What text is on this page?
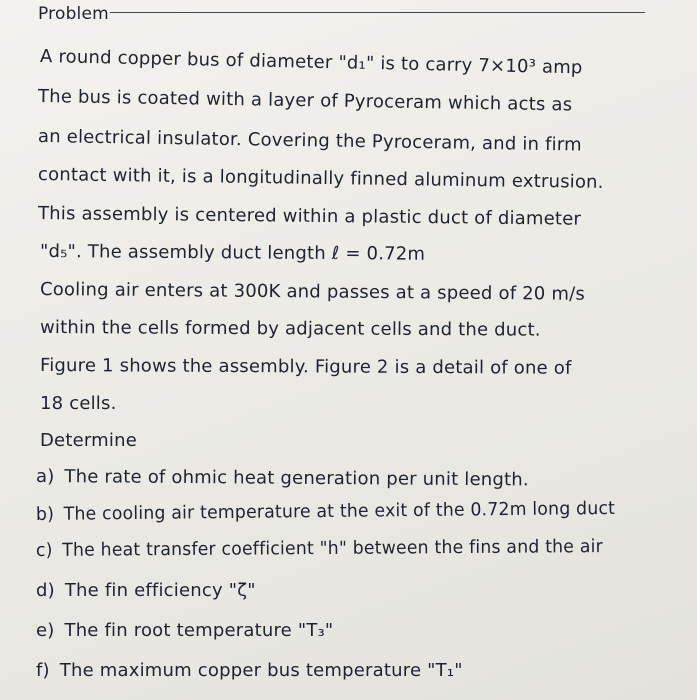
Problem
A round copper bus of diameter "d₁" is to carry 7×10³ amp
The bus is coated with a layer of Pyroceram which acts as
an electrical insulator. Covering the Pyroceram, and in firm
contact with it, is a longitudinally finned aluminum extrusion.
This assembly is centered within a plastic duct of diameter
"d₅". The assembly duct length ℓ = 0.72m
Cooling air enters at 300K and passes at a speed of 20 m/s
within the cells formed by adjacent cells and the duct.
Figure 1 shows the assembly. Figure 2 is a detail of one of
18 cells.
Determine
a) The rate of ohmic heat generation per unit length.
b) The cooling air temperature at the exit of the 0.72m long duct
c) The heat transfer coefficient "h" between the fins and the air
d) The fin efficiency "ζ"
e) The fin root temperature "T₃"
f) The maximum copper bus temperature "T₁"
